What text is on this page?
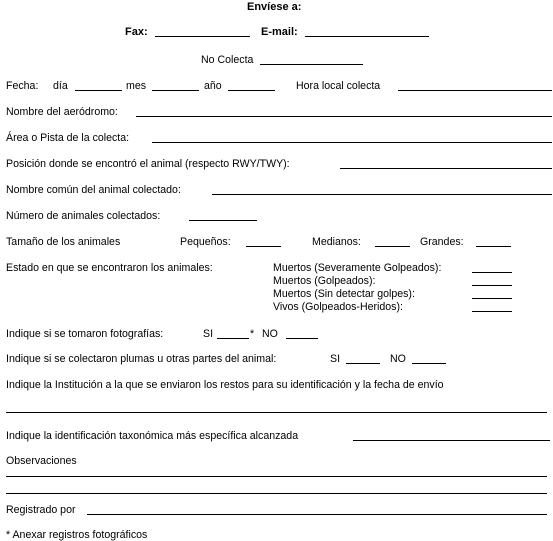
Envíese a:
Fax:	E-mail:
No Colecta
Fecha: día	mes	año	Hora local colecta
Nombre del aeródromo:
Área o Pista de la colecta:
Posición donde se encontró el animal (respecto RWY/TWY):
Nombre común del animal colectado:
Número de animales colectados:
Tamaño de los animales	Pequeños:	Medianos:	Grandes:
Estado en que se encontraron los animales:	Muertos (Severamente Golpeados):
Muertos (Golpeados):
Muertos (Sin detectar golpes):
Vivos (Golpeados-Heridos):
Indique si se tomaron fotografías:	SI	* NO
Indique si se colectaron plumas u otras partes del animal:	SI	NO
Indique la Institución a la que se enviaron los restos para su identificación y la fecha de envío
Indique la identificación taxonómica más específica alcanzada
Observaciones
Registrado por
* Anexar registros fotográficos
